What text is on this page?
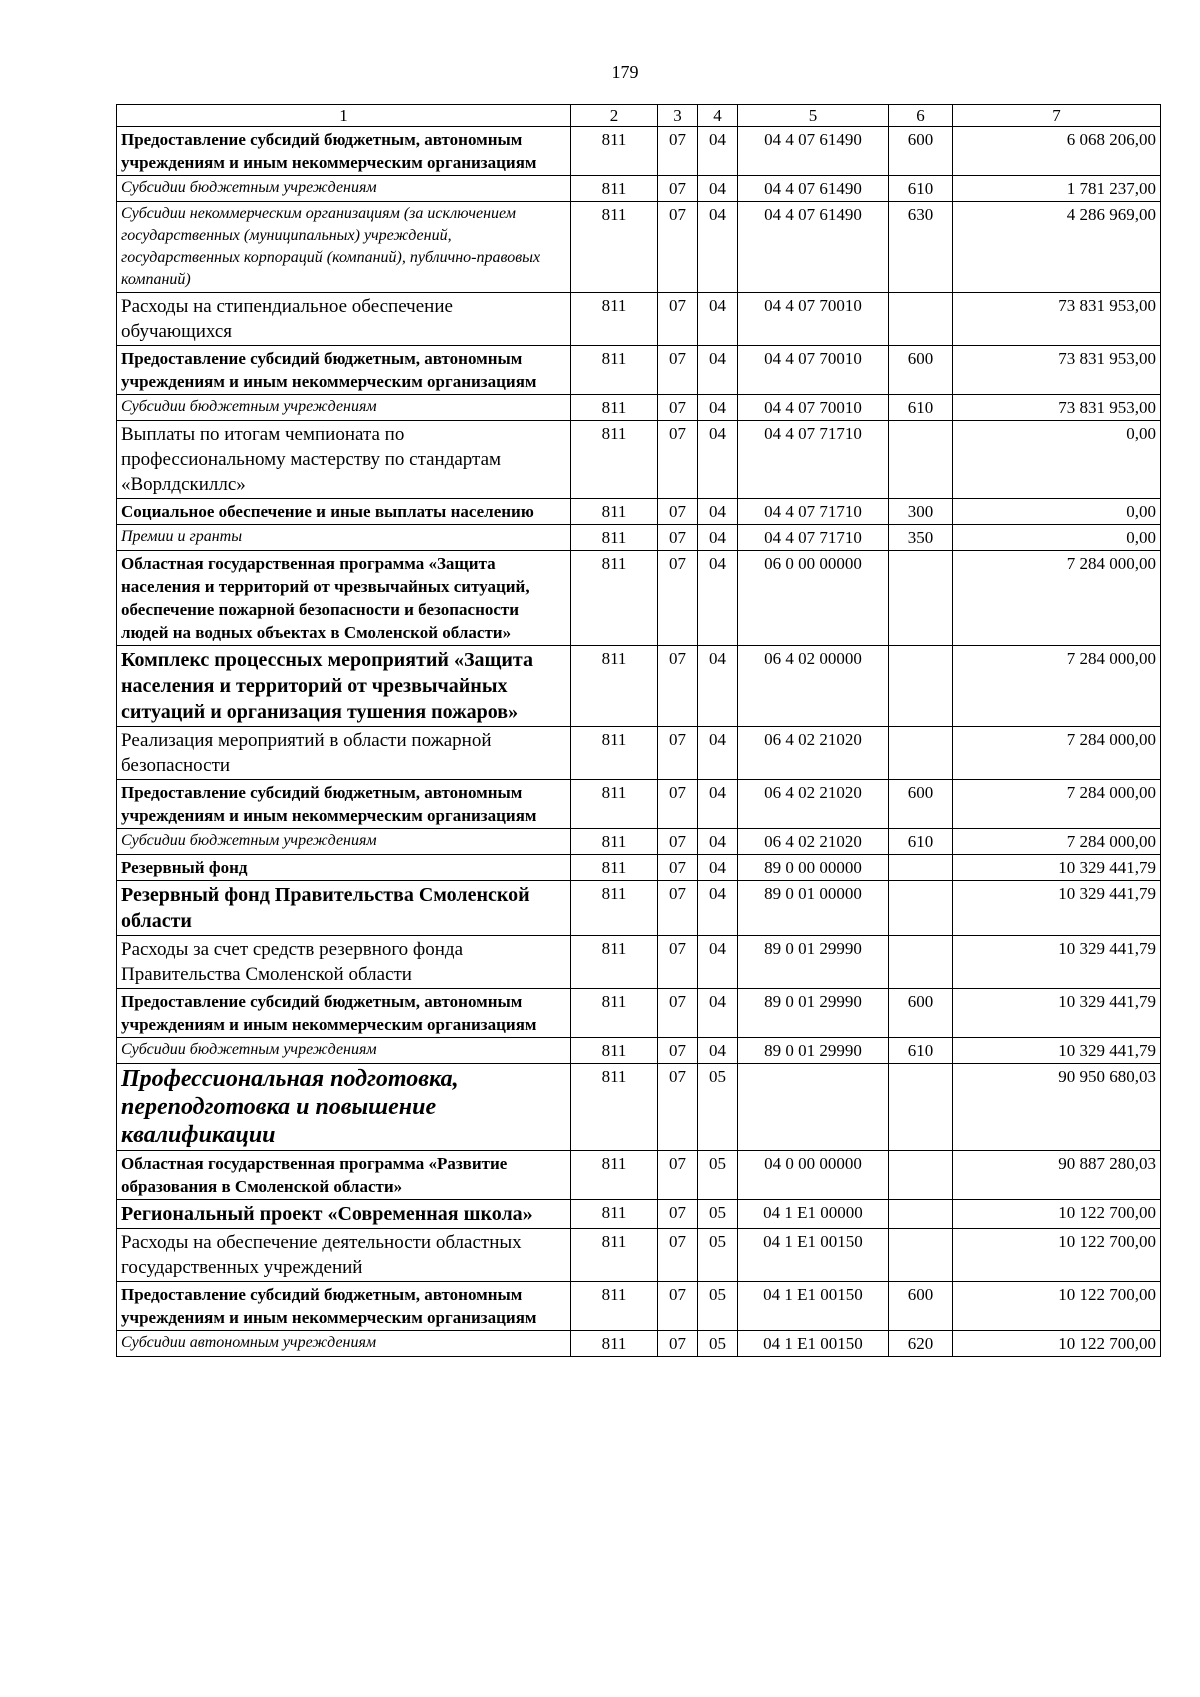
179
1	2	3	4	5	6	7
Предоставление субсидий бюджетным, автономным учреждениям и иным некоммерческим организациям	811	07	04	04 4 07 61490	600	6 068 206,00
Субсидии бюджетным учреждениям	811	07	04	04 4 07 61490	610	1 781 237,00
Субсидии некоммерческим организациям (за исключением государственных (муниципальных) учреждений, государственных корпораций (компаний), публично-правовых компаний)	811	07	04	04 4 07 61490	630	4 286 969,00
Расходы на стипендиальное обеспечение обучающихся	811	07	04	04 4 07 70010		73 831 953,00
Предоставление субсидий бюджетным, автономным учреждениям и иным некоммерческим организациям	811	07	04	04 4 07 70010	600	73 831 953,00
Субсидии бюджетным учреждениям	811	07	04	04 4 07 70010	610	73 831 953,00
Выплаты по итогам чемпионата по профессиональному мастерству по стандартам «Ворлдскиллс»	811	07	04	04 4 07 71710		0,00
Социальное обеспечение и иные выплаты населению	811	07	04	04 4 07 71710	300	0,00
Премии и гранты	811	07	04	04 4 07 71710	350	0,00
Областная государственная программа «Защита населения и территорий от чрезвычайных ситуаций, обеспечение пожарной безопасности и безопасности людей на водных объектах в Смоленской области»	811	07	04	06 0 00 00000		7 284 000,00
Комплекс процессных мероприятий «Защита населения и территорий от чрезвычайных ситуаций и организация тушения пожаров»	811	07	04	06 4 02 00000		7 284 000,00
Реализация мероприятий в области пожарной безопасности	811	07	04	06 4 02 21020		7 284 000,00
Предоставление субсидий бюджетным, автономным учреждениям и иным некоммерческим организациям	811	07	04	06 4 02 21020	600	7 284 000,00
Субсидии бюджетным учреждениям	811	07	04	06 4 02 21020	610	7 284 000,00
Резервный фонд	811	07	04	89 0 00 00000		10 329 441,79
Резервный фонд Правительства Смоленской области	811	07	04	89 0 01 00000		10 329 441,79
Расходы за счет средств резервного фонда Правительства Смоленской области	811	07	04	89 0 01 29990		10 329 441,79
Предоставление субсидий бюджетным, автономным учреждениям и иным некоммерческим организациям	811	07	04	89 0 01 29990	600	10 329 441,79
Субсидии бюджетным учреждениям	811	07	04	89 0 01 29990	610	10 329 441,79
Профессиональная подготовка, переподготовка и повышение квалификации	811	07	05			90 950 680,03
Областная государственная программа «Развитие образования в Смоленской области»	811	07	05	04 0 00 00000		90 887 280,03
Региональный проект «Современная школа»	811	07	05	04 1 E1 00000		10 122 700,00
Расходы на обеспечение деятельности областных государственных учреждений	811	07	05	04 1 E1 00150		10 122 700,00
Предоставление субсидий бюджетным, автономным учреждениям и иным некоммерческим организациям	811	07	05	04 1 E1 00150	600	10 122 700,00
Субсидии автономным учреждениям	811	07	05	04 1 E1 00150	620	10 122 700,00
